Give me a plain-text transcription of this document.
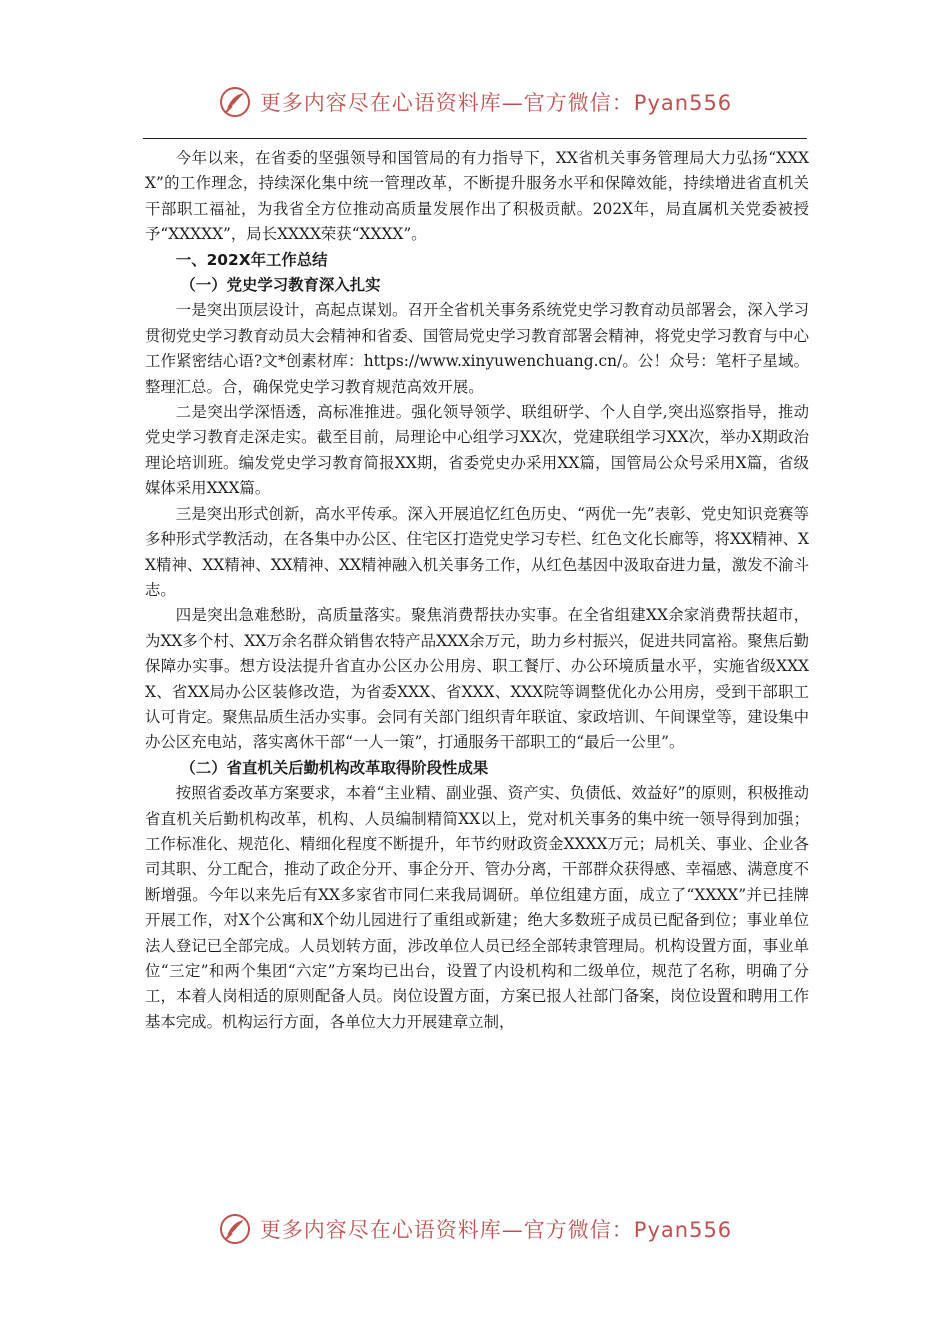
更多内容尽在心语资料库—官方微信：Pyan556

今年以来，在省委的坚强领导和国管局的有力指导下，XX省机关事务管理局大力弘扬“XXXX”的工作理念，持续深化集中统一管理改革，不断提升服务水平和保障效能，持续增进省直机关干部职工福祉，为我省全方位推动高质量发展作出了积极贡献。202X年，局直属机关党委被授予“XXXXX”，局长XXXX荣获“XXXX”。

一、202X年工作总结

（一）党史学习教育深入扎实

一是突出顶层设计，高起点谋划。召开全省机关事务系统党史学习教育动员部署会，深入学习贯彻党史学习教育动员大会精神和省委、国管局党史学习教育部署会精神，将党史学习教育与中心工作紧密结心语?文*创素材库：https://www.xinyuwenchuang.cn/。公！众号：笔杆子星域。整理汇总。合，确保党史学习教育规范高效开展。

二是突出学深悟透，高标准推进。强化领导领学、联组研学、个人自学,突出巡察指导，推动党史学习教育走深走实。截至目前，局理论中心组学习XX次，党建联组学习XX次，举办X期政治理论培训班。编发党史学习教育简报XX期，省委党史办采用XX篇，国管局公众号采用X篇，省级媒体采用XXX篇。

三是突出形式创新，高水平传承。深入开展追忆红色历史、“两优一先”表彰、党史知识竞赛等多种形式学教活动，在各集中办公区、住宅区打造党史学习专栏、红色文化长廊等，将XX精神、XX精神、XX精神、XX精神、XX精神融入机关事务工作，从红色基因中汲取奋进力量，激发不渝斗志。

四是突出急难愁盼，高质量落实。聚焦消费帮扶办实事。在全省组建XX余家消费帮扶超市，为XX多个村、XX万余名群众销售农特产品XXX余万元，助力乡村振兴，促进共同富裕。聚焦后勤保障办实事。想方设法提升省直办公区办公用房、职工餐厅、办公环境质量水平，实施省级XXXX、省XX局办公区装修改造，为省委XXX、省XXX、XXX院等调整优化办公用房，受到干部职工认可肯定。聚焦品质生活办实事。会同有关部门组织青年联谊、家政培训、午间课堂等，建设集中办公区充电站，落实离休干部“一人一策”，打通服务干部职工的“最后一公里”。

（二）省直机关后勤机构改革取得阶段性成果

按照省委改革方案要求，本着“主业精、副业强、资产实、负债低、效益好”的原则，积极推动省直机关后勤机构改革，机构、人员编制精简XX以上，党对机关事务的集中统一领导得到加强；工作标准化、规范化、精细化程度不断提升，年节约财政资金XXXX万元；局机关、事业、企业各司其职、分工配合，推动了政企分开、事企分开、管办分离，干部群众获得感、幸福感、满意度不断增强。今年以来先后有XX多家省市同仁来我局调研。单位组建方面，成立了“XXXX”并已挂牌开展工作，对X个公寓和X个幼儿园进行了重组或新建；绝大多数班子成员已配备到位；事业单位法人登记已全部完成。人员划转方面，涉改单位人员已经全部转隶管理局。机构设置方面，事业单位“三定”和两个集团“六定”方案均已出台，设置了内设机构和二级单位，规范了名称，明确了分工，本着人岗相适的原则配备人员。岗位设置方面，方案已报人社部门备案，岗位设置和聘用工作基本完成。机构运行方面，各单位大力开展建章立制，

更多内容尽在心语资料库—官方微信：Pyan556
